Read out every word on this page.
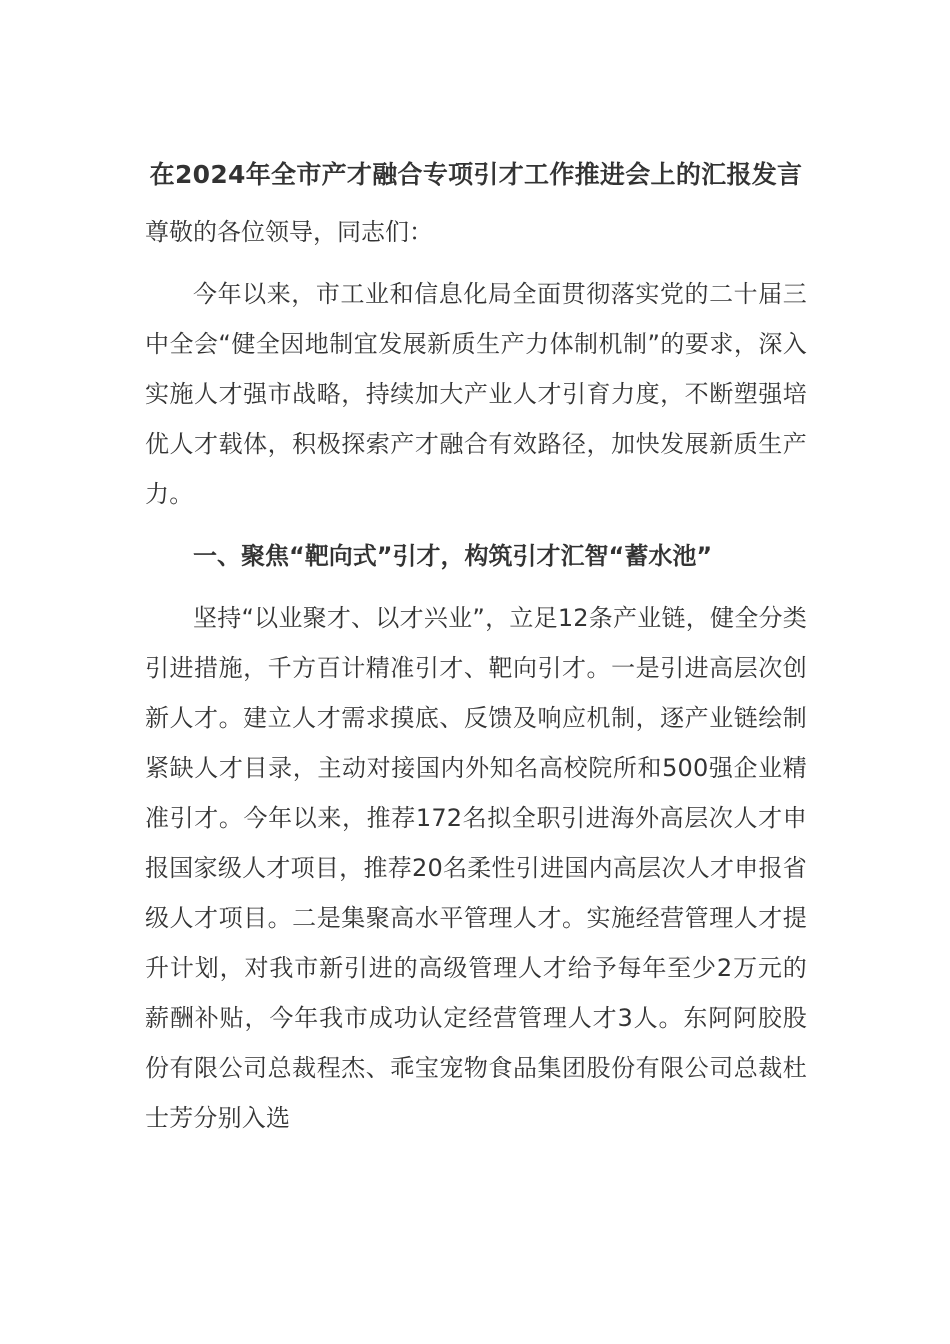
在2024年全市产才融合专项引才工作推进会上的汇报发言

尊敬的各位领导，同志们：

今年以来，市工业和信息化局全面贯彻落实党的二十届三中全会“健全因地制宜发展新质生产力体制机制”的要求，深入实施人才强市战略，持续加大产业人才引育力度，不断塑强培优人才载体，积极探索产才融合有效路径，加快发展新质生产力。

一、聚焦“靶向式”引才，构筑引才汇智“蓄水池”

坚持“以业聚才、以才兴业”，立足12条产业链，健全分类引进措施，千方百计精准引才、靶向引才。一是引进高层次创新人才。建立人才需求摸底、反馈及响应机制，逐产业链绘制紧缺人才目录，主动对接国内外知名高校院所和500强企业精准引才。今年以来，推荐172名拟全职引进海外高层次人才申报国家级人才项目，推荐20名柔性引进国内高层次人才申报省级人才项目。二是集聚高水平管理人才。实施经营管理人才提升计划，对我市新引进的高级管理人才给予每年至少2万元的薪酬补贴，今年我市成功认定经营管理人才3人。东阿阿胶股份有限公司总裁程杰、乖宝宠物食品集团股份有限公司总裁杜士芳分别入选
